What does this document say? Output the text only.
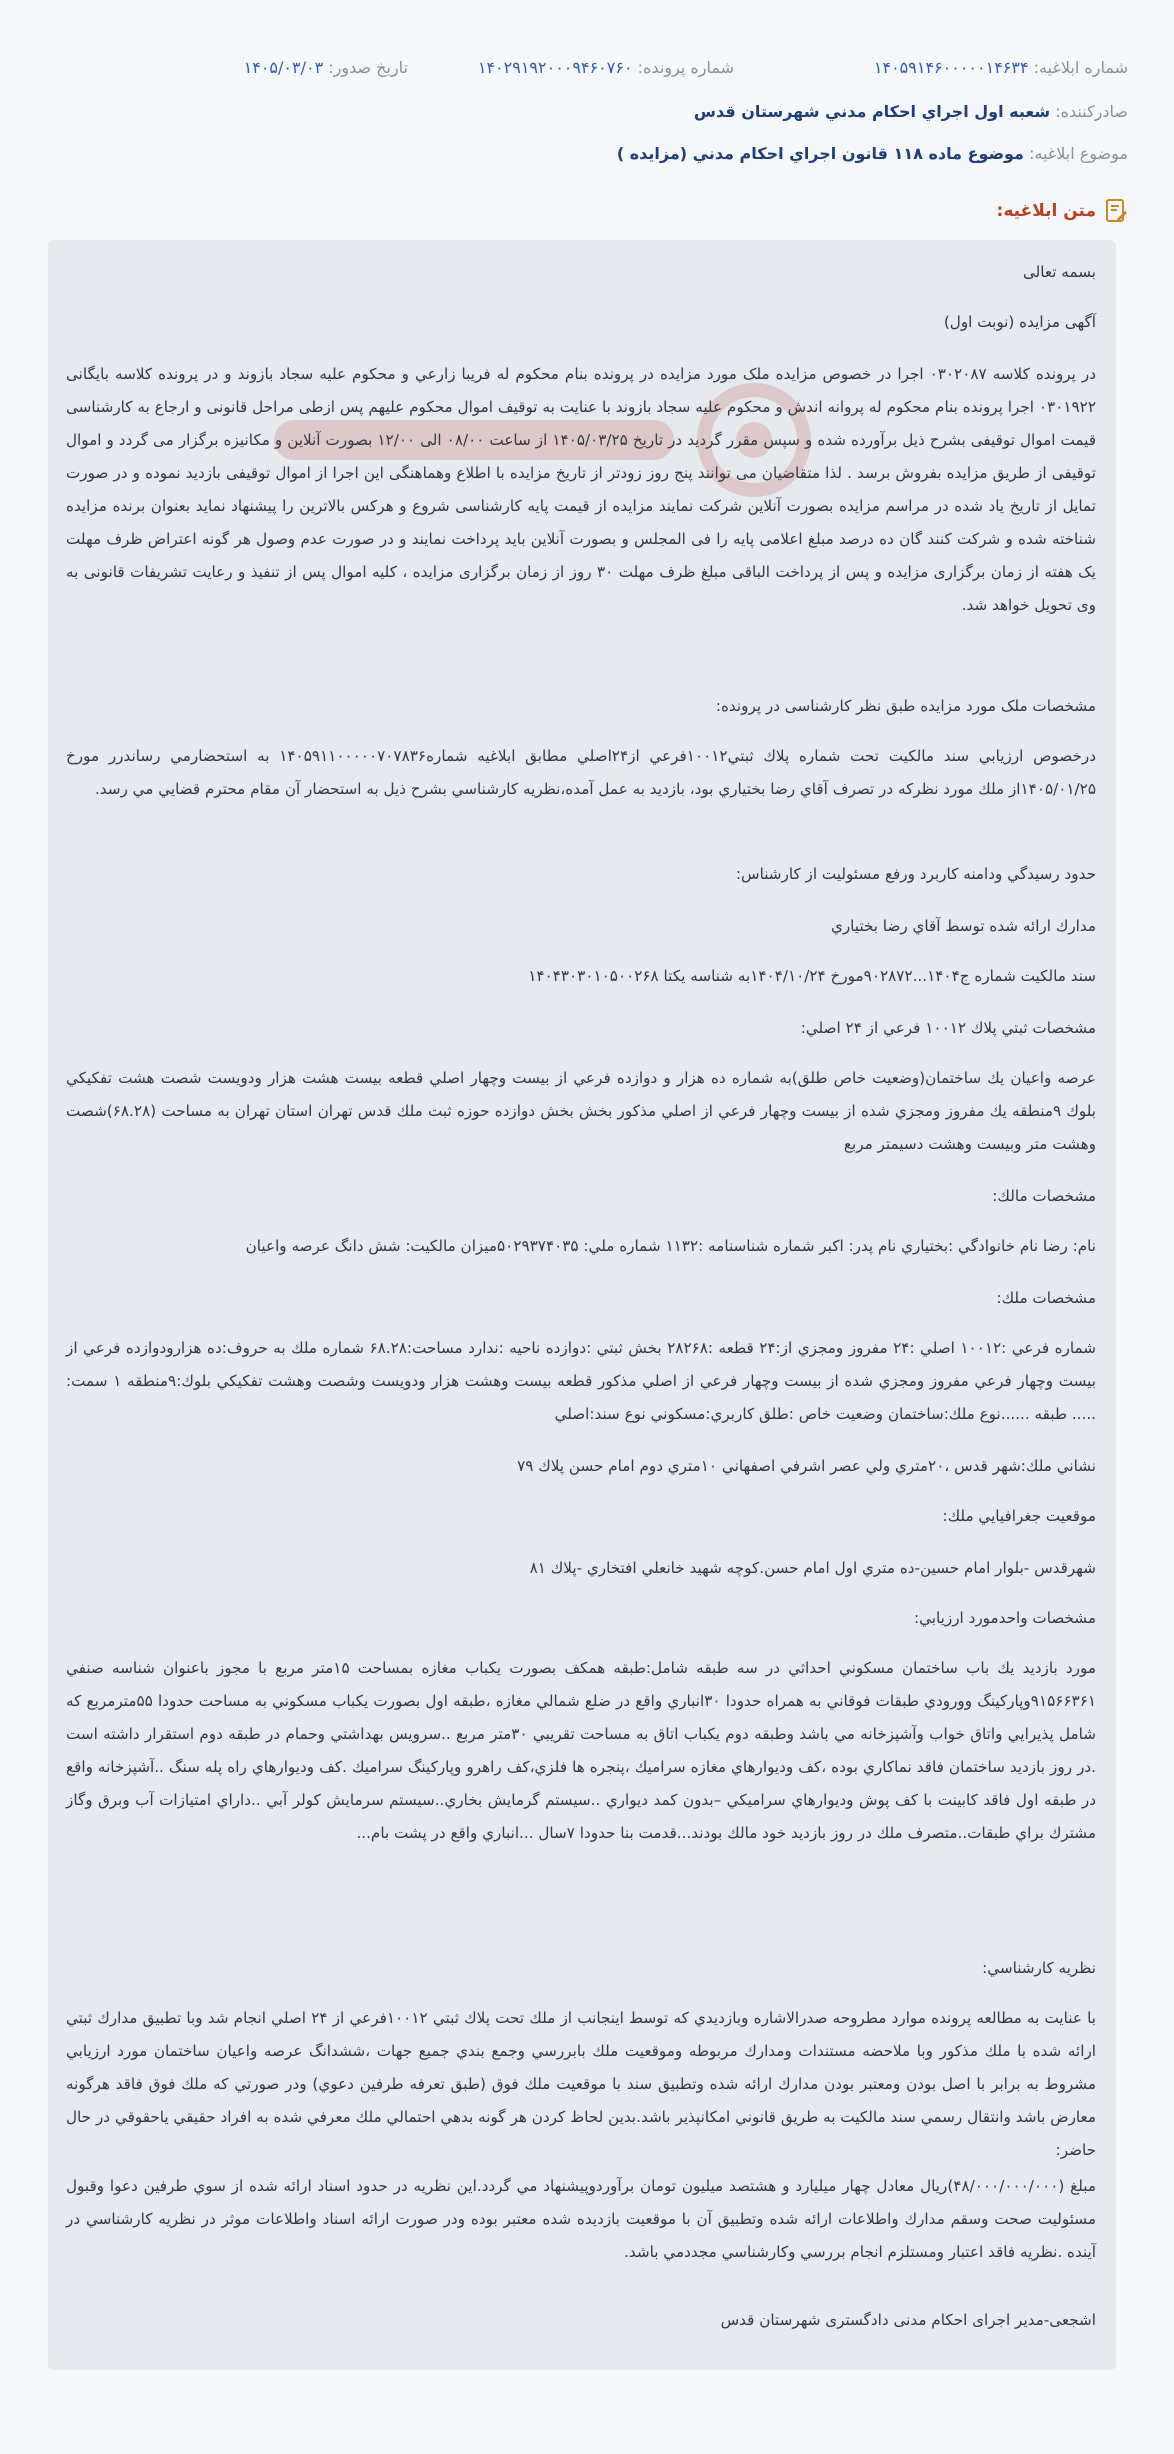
شماره ابلاغیه: ۱۴۰۵۹۱۴۶۰۰۰۰۰۱۴۶۳۴
شماره پرونده: ۱۴۰۲۹۱۹۲۰۰۰۹۴۶۰۷۶۰
تاریخ صدور: ۱۴۰۵/۰۳/۰۳
صادرکننده: شعبه اول اجراي احكام مدني شهرستان قدس
موضوع ابلاغیه: موضوع ماده ۱۱۸ قانون اجراي احكام مدني (مزايده )
متن ابلاغیه:
بسمه تعالی
آگهی مزایده (نوبت اول)
در پرونده کلاسه ۰۳۰۲۰۸۷ اجرا در خصوص مزایده ملک مورد مزایده در پرونده بنام محکوم له فریبا زارعي و محکوم علیه سجاد بازوند و در پرونده کلاسه بایگانی ۰۳۰۱۹۲۲ اجرا پرونده بنام محکوم له پروانه اندش و محکوم علیه سجاد بازوند با عنایت به توقیف اموال محکوم علیهم پس ازطی مراحل قانونی و ارجاع به کارشناسی قیمت اموال توقیفی بشرح ذیل برآورده شده و سپس مقرر گردید در تاریخ ۱۴۰۵/۰۳/۲۵ از ساعت ۰۸/۰۰ الی ۱۲/۰۰ بصورت آنلاین و مکانیزه برگزار می گردد و اموال توقیفی از طریق مزایده بفروش برسد . لذا متقاضیان می توانند پنج روز زودتر از تاریخ مزایده با اطلاع وهماهنگی این اجرا از اموال توقیفی بازدید نموده و در صورت تمایل از تاریخ یاد شده در مراسم مزایده بصورت آنلاین شرکت نمایند مزایده از قیمت پایه کارشناسی شروع و هرکس بالاترین را پیشنهاد نماید بعنوان برنده مزایده شناخته شده و شرکت کنند گان ده درصد مبلغ اعلامی پایه را فی المجلس و بصورت آنلاین باید پرداخت نمایند و در صورت عدم وصول هر گونه اعتراض ظرف مهلت یک هفته از زمان برگزاری مزایده و پس از پرداخت الباقی مبلغ ظرف مهلت ۳۰ روز از زمان برگزاری مزایده ، کلیه اموال پس از تنفیذ و رعایت تشریفات قانونی به وی تحویل خواهد شد.
مشخصات ملک مورد مزایده طبق نظر کارشناسی در پرونده:
درخصوص ارزيابي سند مالكيت تحت شماره پلاك ثبتي۱۰۰۱۲فرعي از۲۴اصلي مطابق ابلاغيه شماره۱۴۰۵۹۱۱۰۰۰۰۰۷۰۷۸۳۶ به استحضارمي رساندرر مورخ ۱۴۰۵/۰۱/۲۵از ملك مورد نظركه در تصرف آقاي رضا بختياري بود، بازديد به عمل آمده،نظريه كارشناسي بشرح ذيل به استحضار آن مقام محترم قضايي مي رسد.
حدود رسيدگي ودامنه كاربرد ورفع مسئوليت از كارشناس:
مدارك ارائه شده توسط آقاي رضا بختياري
سند مالكيت شماره ج۱۴۰۴...۹۰۲۸۷۲مورخ ۱۴۰۴/۱۰/۲۴به شناسه يكتا ۱۴۰۴۳۰۳۰۱۰۵۰۰۲۶۸
مشخصات ثبتي پلاك ۱۰۰۱۲ فرعي از ۲۴ اصلي:
عرصه واعيان يك ساختمان(وضعيت خاص طلق)به شماره ده هزار و دوازده فرعي از بيست وچهار اصلي قطعه بيست هشت هزار ودويست شصت هشت تفكيكي بلوك ۹منطقه يك مفروز ومجزي شده از بيست وچهار فرعي از اصلي مذكور بخش بخش دوازده حوزه ثبت ملك قدس تهران استان تهران به مساحت (۶۸.۲۸)شصت وهشت متر وبيست وهشت دسيمتر مربع
مشخصات مالك:
نام: رضا نام خانوادگي :بختياري نام پدر: اكبر شماره شناسنامه :۱۱۳۲ شماره ملي: ۵۰۲۹۳۷۴۰۳۵ميزان مالكيت: شش دانگ عرصه واعيان
مشخصات ملك:
شماره فرعي :۱۰۰۱۲ اصلي :۲۴ مفروز ومجزي از:۲۴ قطعه :۲۸۲۶۸ بخش ثبتي :دوازده ناحيه :ندارد مساحت:۶۸.۲۸ شماره ملك به حروف:ده هزارودوازده فرعي از بيست وچهار فرعي مفروز ومجزي شده از بيست وچهار فرعي از اصلي مذكور قطعه بيست وهشت هزار ودويست وشصت وهشت تفكيكي بلوك:۹منطقه ۱ سمت: ..... طبقه ......نوع ملك:ساختمان وضعيت خاص :طلق كاربري:مسكوني نوع سند:اصلي
نشاني ملك:شهر قدس ،۲۰متري ولي عصر اشرفي اصفهاني ۱۰متري دوم امام حسن پلاك ۷۹
موقعيت جغرافيايي ملك:
شهرقدس -بلوار امام حسين-ده متري اول امام حسن.كوچه شهيد خانعلي افتخاري -پلاك ۸۱
مشخصات واحدمورد ارزيابي:
مورد بازديد يك باب ساختمان مسكوني احداثي در سه طبقه شامل:طبقه همكف بصورت يكباب مغازه بمساحت ۱۵متر مربع با مجوز باعنوان شناسه صنفي ۹۱۵۶۶۳۶۱وپاركينگ وورودي طبقات فوقاني به همراه حدودا ۳۰انباري واقع در ضلع شمالي مغازه ،طبقه اول بصورت يكباب مسكوني به مساحت حدودا ۵۵مترمربع كه شامل پذيرايي واتاق خواب وآشپزخانه مي باشد وطبقه دوم يكباب اتاق به مساحت تقريبي ۳۰متر مربع ..سرويس بهداشتي وحمام در طبقه دوم استقرار داشته است .در روز بازديد ساختمان فاقد نماكاري بوده ،كف وديوارهاي مغازه سراميك ،پنجره ها فلزي،كف راهرو وپاركينگ سراميك .كف وديوارهاي راه پله سنگ ..آشپزخانه واقع در طبقه اول فاقد كابينت با كف پوش وديوارهاي سراميكي –بدون كمد ديواري ..سيستم گرمايش بخاري..سيستم سرمايش كولر آبي ..داراي امتيازات آب وبرق وگاز مشترك براي طبقات..متصرف ملك در روز بازديد خود مالك بودند...قدمت بنا حدودا ۷سال ...انباري واقع در پشت بام...
نظريه كارشناسي:
با عنايت به مطالعه پرونده موارد مطروحه صدرالاشاره وبازديدي كه توسط اينجانب از ملك تحت پلاك ثبتي ۱۰۰۱۲فرعي از ۲۴ اصلي انجام شد وبا تطبيق مدارك ثبتي ارائه شده با ملك مذكور وبا ملاحضه مستندات ومدارك مربوطه وموقعيت ملك بابررسي وجمع بندي جميع جهات ،ششدانگ عرصه واعيان ساختمان مورد ارزيابي مشروط به برابر با اصل بودن ومعتبر بودن مدارك ارائه شده وتطبيق سند با موقعيت ملك فوق (طبق تعرفه طرفين دعوي) ودر صورتي كه ملك فوق فاقد هرگونه معارض باشد وانتقال رسمي سند مالكيت به طريق قانوني امكانپذير باشد.بدين لحاظ كردن هر گونه بدهي احتمالي ملك معرفي شده به افراد حقيقي ياحقوقي در حال حاضر:
مبلغ (۴۸/۰۰۰/۰۰۰/۰۰۰)ريال معادل چهار ميليارد و هشتصد ميليون تومان برآوردوپيشنهاد مي گردد.اين نظريه در حدود اسناد ارائه شده از سوي طرفين دعوا وقبول مسئوليت صحت وسقم مدارك واطلاعات ارائه شده وتطبيق آن با موقعيت بازديده شده معتبر بوده ودر صورت ارائه اسناد واطلاعات موثر در نظريه كارشناسي در آينده .نظريه فاقد اعتبار ومستلزم انجام بررسي وكارشناسي مجددمي باشد.
اشجعی-مدیر اجرای احکام مدنی دادگستری شهرستان قدس
